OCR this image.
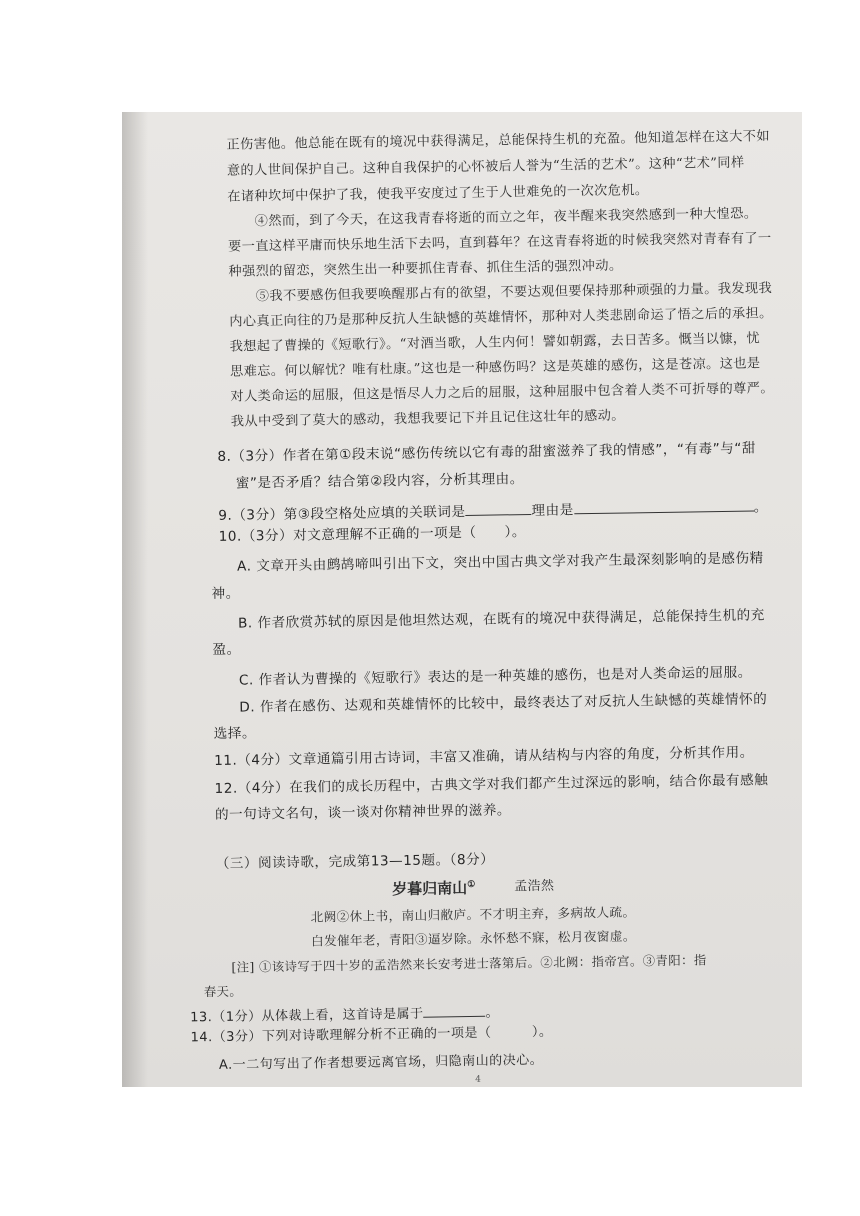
正伤害他。他总能在既有的境况中获得满足，总能保持生机的充盈。他知道怎样在这大不如
意的人世间保护自己。这种自我保护的心怀被后人誉为“生活的艺术”。这种“艺术”同样
在诸种坎坷中保护了我，使我平安度过了生于人世难免的一次次危机。
④然而，到了今天，在这我青春将逝的而立之年，夜半醒来我突然感到一种大惶恐。
要一直这样平庸而快乐地生活下去吗，直到暮年？在这青春将逝的时候我突然对青春有了一
种强烈的留恋，突然生出一种要抓住青春、抓住生活的强烈冲动。
⑤我不要感伤但我要唤醒那占有的欲望，不要达观但要保持那种顽强的力量。我发现我
内心真正向往的乃是那种反抗人生缺憾的英雄情怀，那种对人类悲剧命运了悟之后的承担。
我想起了曹操的《短歌行》。“对酒当歌，人生内何！譬如朝露，去日苦多。慨当以慷，忧
思难忘。何以解忧？唯有杜康。”这也是一种感伤吗？这是英雄的感伤，这是苍凉。这也是
对人类命运的屈服，但这是悟尽人力之后的屈服，这种屈服中包含着人类不可折辱的尊严。
我从中受到了莫大的感动，我想我要记下并且记住这壮年的感动。
8.（3分）作者在第①段末说“感伤传统以它有毒的甜蜜滋养了我的情感”，“有毒”与“甜
蜜”是否矛盾？结合第②段内容，分析其理由。
9.（3分）第③段空格处应填的关联词是	理由是	。
10.（3分）对文意理解不正确的一项是（　　）。
A. 文章开头由鹧鸪啼叫引出下文，突出中国古典文学对我产生最深刻影响的是感伤精
神。
B. 作者欣赏苏轼的原因是他坦然达观，在既有的境况中获得满足，总能保持生机的充
盈。
C. 作者认为曹操的《短歌行》表达的是一种英雄的感伤，也是对人类命运的屈服。
D. 作者在感伤、达观和英雄情怀的比较中，最终表达了对反抗人生缺憾的英雄情怀的
选择。
11.（4分）文章通篇引用古诗词，丰富又准确，请从结构与内容的角度，分析其作用。
12.（4分）在我们的成长历程中，古典文学对我们都产生过深远的影响，结合你最有感触
的一句诗文名句，谈一谈对你精神世界的滋养。
（三）阅读诗歌，完成第13—15题。（8分）
岁暮归南山①	孟浩然
北阙②休上书，南山归敝庐。不才明主弃，多病故人疏。
白发催年老，青阳③逼岁除。永怀愁不寐，松月夜窗虚。
[注] ①该诗写于四十岁的孟浩然来长安考进士落第后。②北阙：指帝宫。③青阳：指
春天。
13.（1分）从体裁上看，这首诗是属于	。
14.（3分）下列对诗歌理解分析不正确的一项是（　　　）。
A.一二句写出了作者想要远离官场，归隐南山的决心。
4
